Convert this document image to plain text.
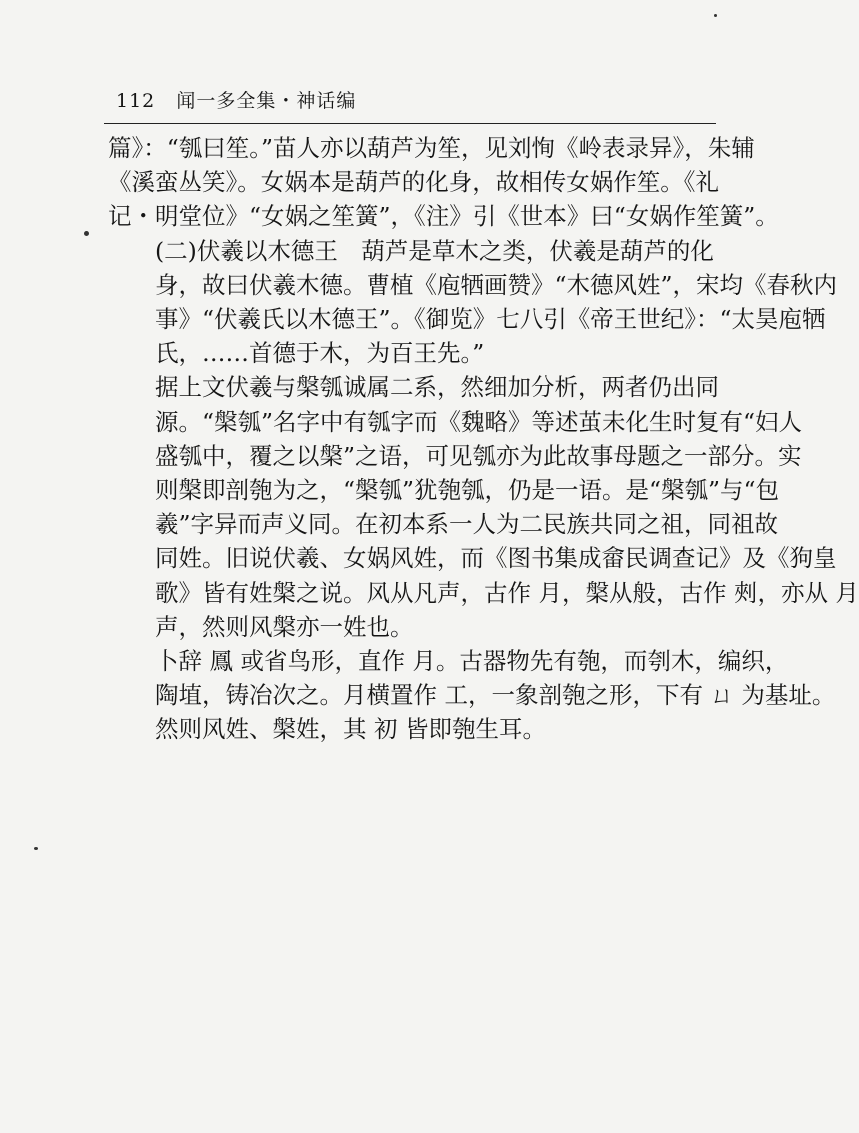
112 闻一多全集・神话编

篇》：“瓠曰笙。”苗人亦以葫芦为笙，见刘恂《岭表录异》，朱辅
《溪蛮丛笑》。女娲本是葫芦的化身，故相传女娲作笙。《礼
记・明堂位》“女娲之笙簧”，《注》引《世本》曰“女娲作笙簧”。

(二)伏羲以木德王　葫芦是草木之类，伏羲是葫芦的化
身，故曰伏羲木德。曹植《庖牺画赞》“木德风姓”，宋均《春秋内
事》“伏羲氏以木德王”。《御览》七八引《帝王世纪》：“太昊庖牺
氏，……首德于木，为百王先。”

据上文伏羲与槃瓠诚属二系，然细加分析，两者仍出同
源。“槃瓠”名字中有瓠字而《魏略》等述茧未化生时复有“妇人
盛瓠中，覆之以槃”之语，可见瓠亦为此故事母题之一部分。实
则槃即剖匏为之，“槃瓠”犹匏瓠，仍是一语。是“槃瓠”与“包
羲”字异而声义同。在初本系一人为二民族共同之祖，同祖故
同姓。旧说伏羲、女娲风姓，而《图书集成畲民调查记》及《狗皇
歌》皆有姓槃之说。风从凡声，古作 月，槃从般，古作 㓨，亦从 月
声，然则风槃亦一姓也。

卜辞 鳳 或省鸟形，直作 月。古器物先有匏，而刳木，编织，
陶埴，铸冶次之。月横置作 工，一象剖匏之形，下有 ㄩ 为基址。
然则风姓、槃姓，其 初 皆即匏生耳。
